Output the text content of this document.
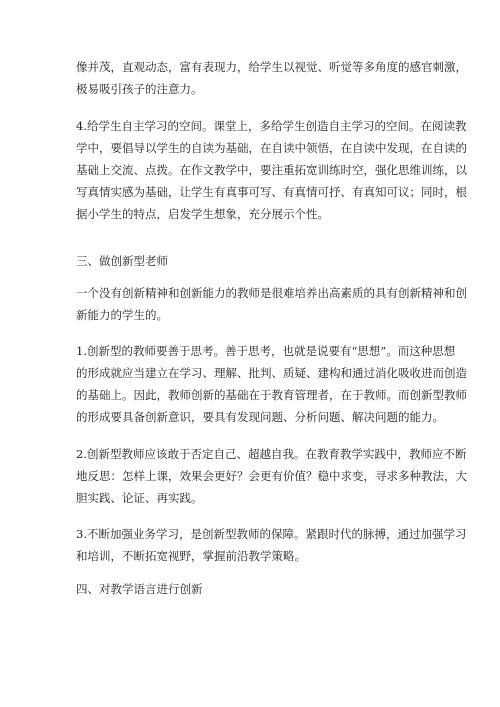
像并茂，直观动态，富有表现力，给学生以视觉、听觉等多角度的感官刺激，
极易吸引孩子的注意力。
4.给学生自主学习的空间。课堂上，多给学生创造自主学习的空间。在阅读教
学中，要倡导以学生的自读为基础，在自读中领悟，在自读中发现，在自读的
基础上交流、点拨。在作文教学中，要注重拓宽训练时空，强化思维训练，以
写真情实感为基础，让学生有真事可写、有真情可抒、有真知可议；同时，根
据小学生的特点，启发学生想象，充分展示个性。
三、做创新型老师
一个没有创新精神和创新能力的教师是很难培养出高素质的具有创新精神和创
新能力的学生的。
1.创新型的教师要善于思考。善于思考，也就是说要有“思想”。而这种思想
的形成就应当建立在学习、理解、批判、质疑、建构和通过消化吸收进而创造
的基础上。因此，教师创新的基础在于教育管理者，在于教师。而创新型教师
的形成要具备创新意识，要具有发现问题、分析问题、解决问题的能力。
2.创新型教师应该敢于否定自己、超越自我。在教育教学实践中，教师应不断
地反思：怎样上课，效果会更好？会更有价值？稳中求变，寻求多种教法，大
胆实践、论证、再实践。
3.不断加强业务学习，是创新型教师的保障。紧跟时代的脉搏，通过加强学习
和培训，不断拓宽视野，掌握前沿教学策略。
四、对教学语言进行创新
